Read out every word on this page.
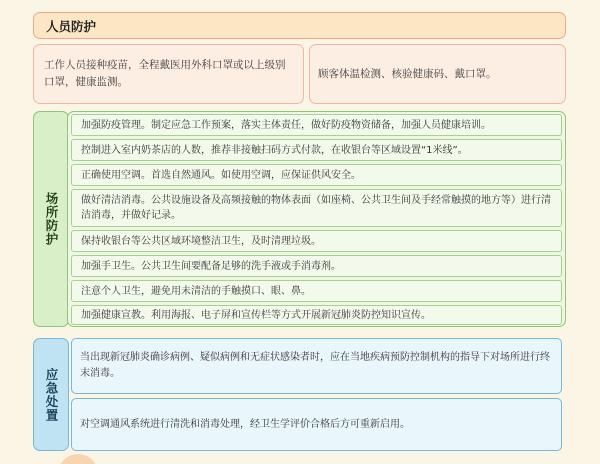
人员防护
工作人员接种疫苗，全程戴医用外科口罩或以上级别口罩，健康监测。
顾客体温检测、核验健康码、戴口罩。
场所防护
加强防疫管理。制定应急工作预案，落实主体责任，做好防疫物资储备，加强人员健康培训。
控制进入室内奶茶店的人数，推荐非接触扫码方式付款，在收银台等区域设置“1米线”。
正确使用空调。首选自然通风。如使用空调，应保证供风安全。
做好清洁消毒。公共设施设备及高频接触的物体表面（如座椅、公共卫生间及手经常触摸的地方等）进行清洁消毒，并做好记录。
保持收银台等公共区域环境整洁卫生，及时清理垃圾。
加强手卫生。公共卫生间要配备足够的洗手液或手消毒剂。
注意个人卫生，避免用未清洁的手触摸口、眼、鼻。
加强健康宣教。利用海报、电子屏和宣传栏等方式开展新冠肺炎防控知识宣传。
应急处置
当出现新冠肺炎确诊病例、疑似病例和无症状感染者时，应在当地疾病预防控制机构的指导下对场所进行终末消毒。
对空调通风系统进行清洗和消毒处理，经卫生学评价合格后方可重新启用。
